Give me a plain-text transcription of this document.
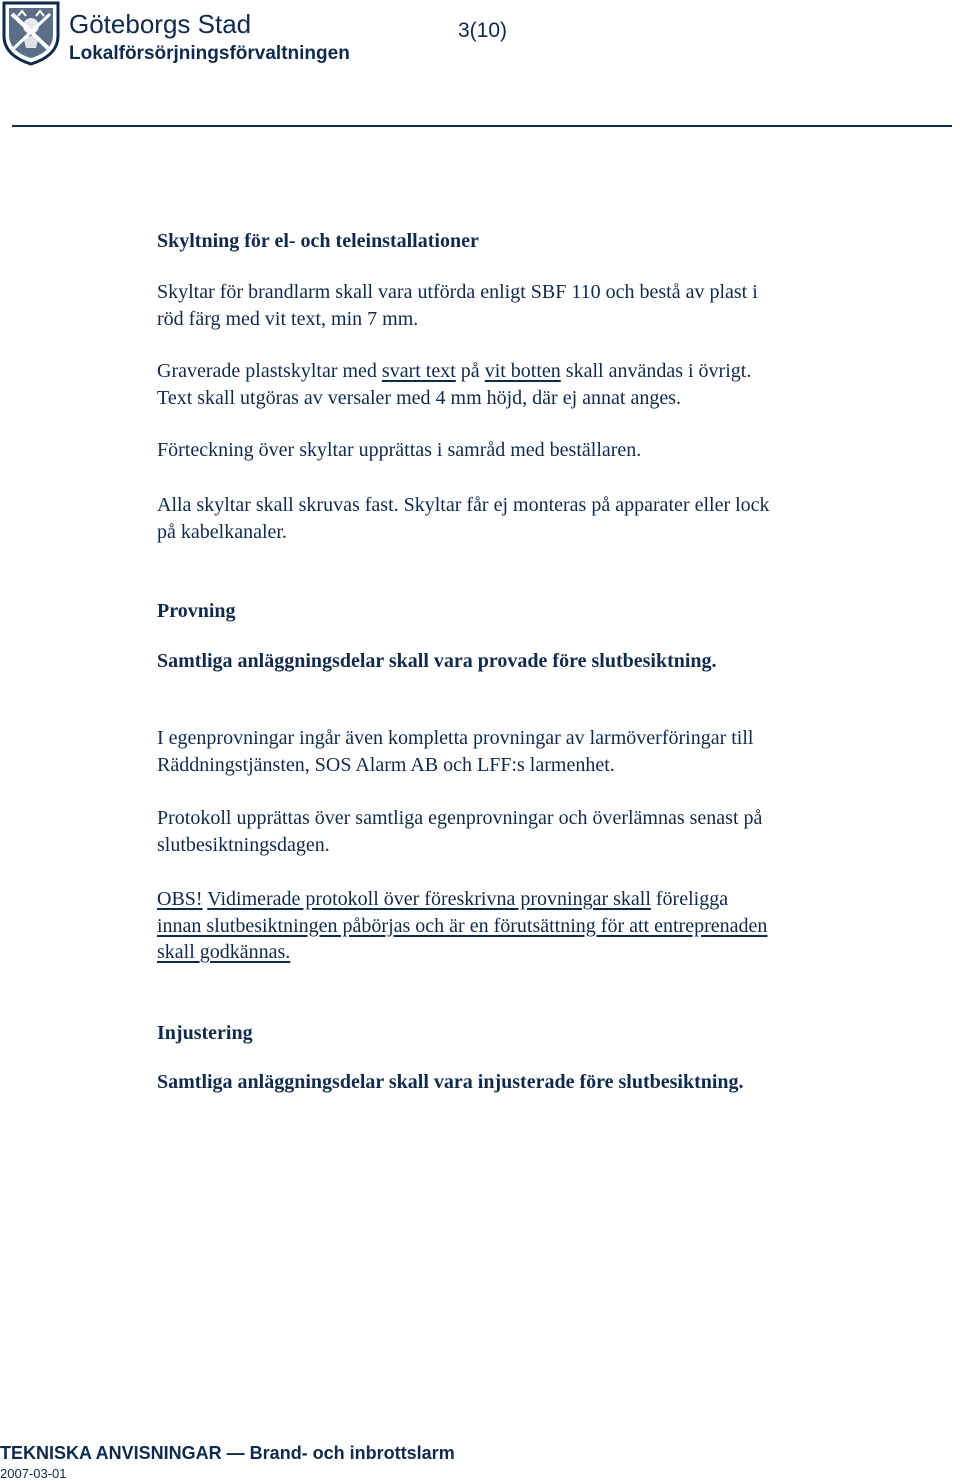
Göteborgs Stad
Lokalförsörjningsförvaltningen
3(10)
Skyltning för el- och teleinstallationer
Skyltar för brandlarm skall vara utförda enligt SBF 110 och bestå av plast i
röd färg med vit text, min 7 mm.
Graverade plastskyltar med svart text på vit botten skall användas i övrigt.
Text skall utgöras av versaler med 4 mm höjd, där ej annat anges.
Förteckning över skyltar upprättas i samråd med beställaren.
Alla skyltar skall skruvas fast. Skyltar får ej monteras på apparater eller lock
på kabelkanaler.
Provning
Samtliga anläggningsdelar skall vara provade före slutbesiktning.
I egenprovningar ingår även kompletta provningar av larmöverföringar till
Räddningstjänsten, SOS Alarm AB och LFF:s larmenhet.
Protokoll upprättas över samtliga egenprovningar och överlämnas senast på
slutbesiktningsdagen.
OBS! Vidimerade protokoll över föreskrivna provningar skall föreligga
innan slutbesiktningen påbörjas och är en förutsättning för att entreprenaden
skall godkännas.
Injustering
Samtliga anläggningsdelar skall vara injusterade före slutbesiktning.
TEKNISKA ANVISNINGAR — Brand- och inbrottslarm
2007-03-01
